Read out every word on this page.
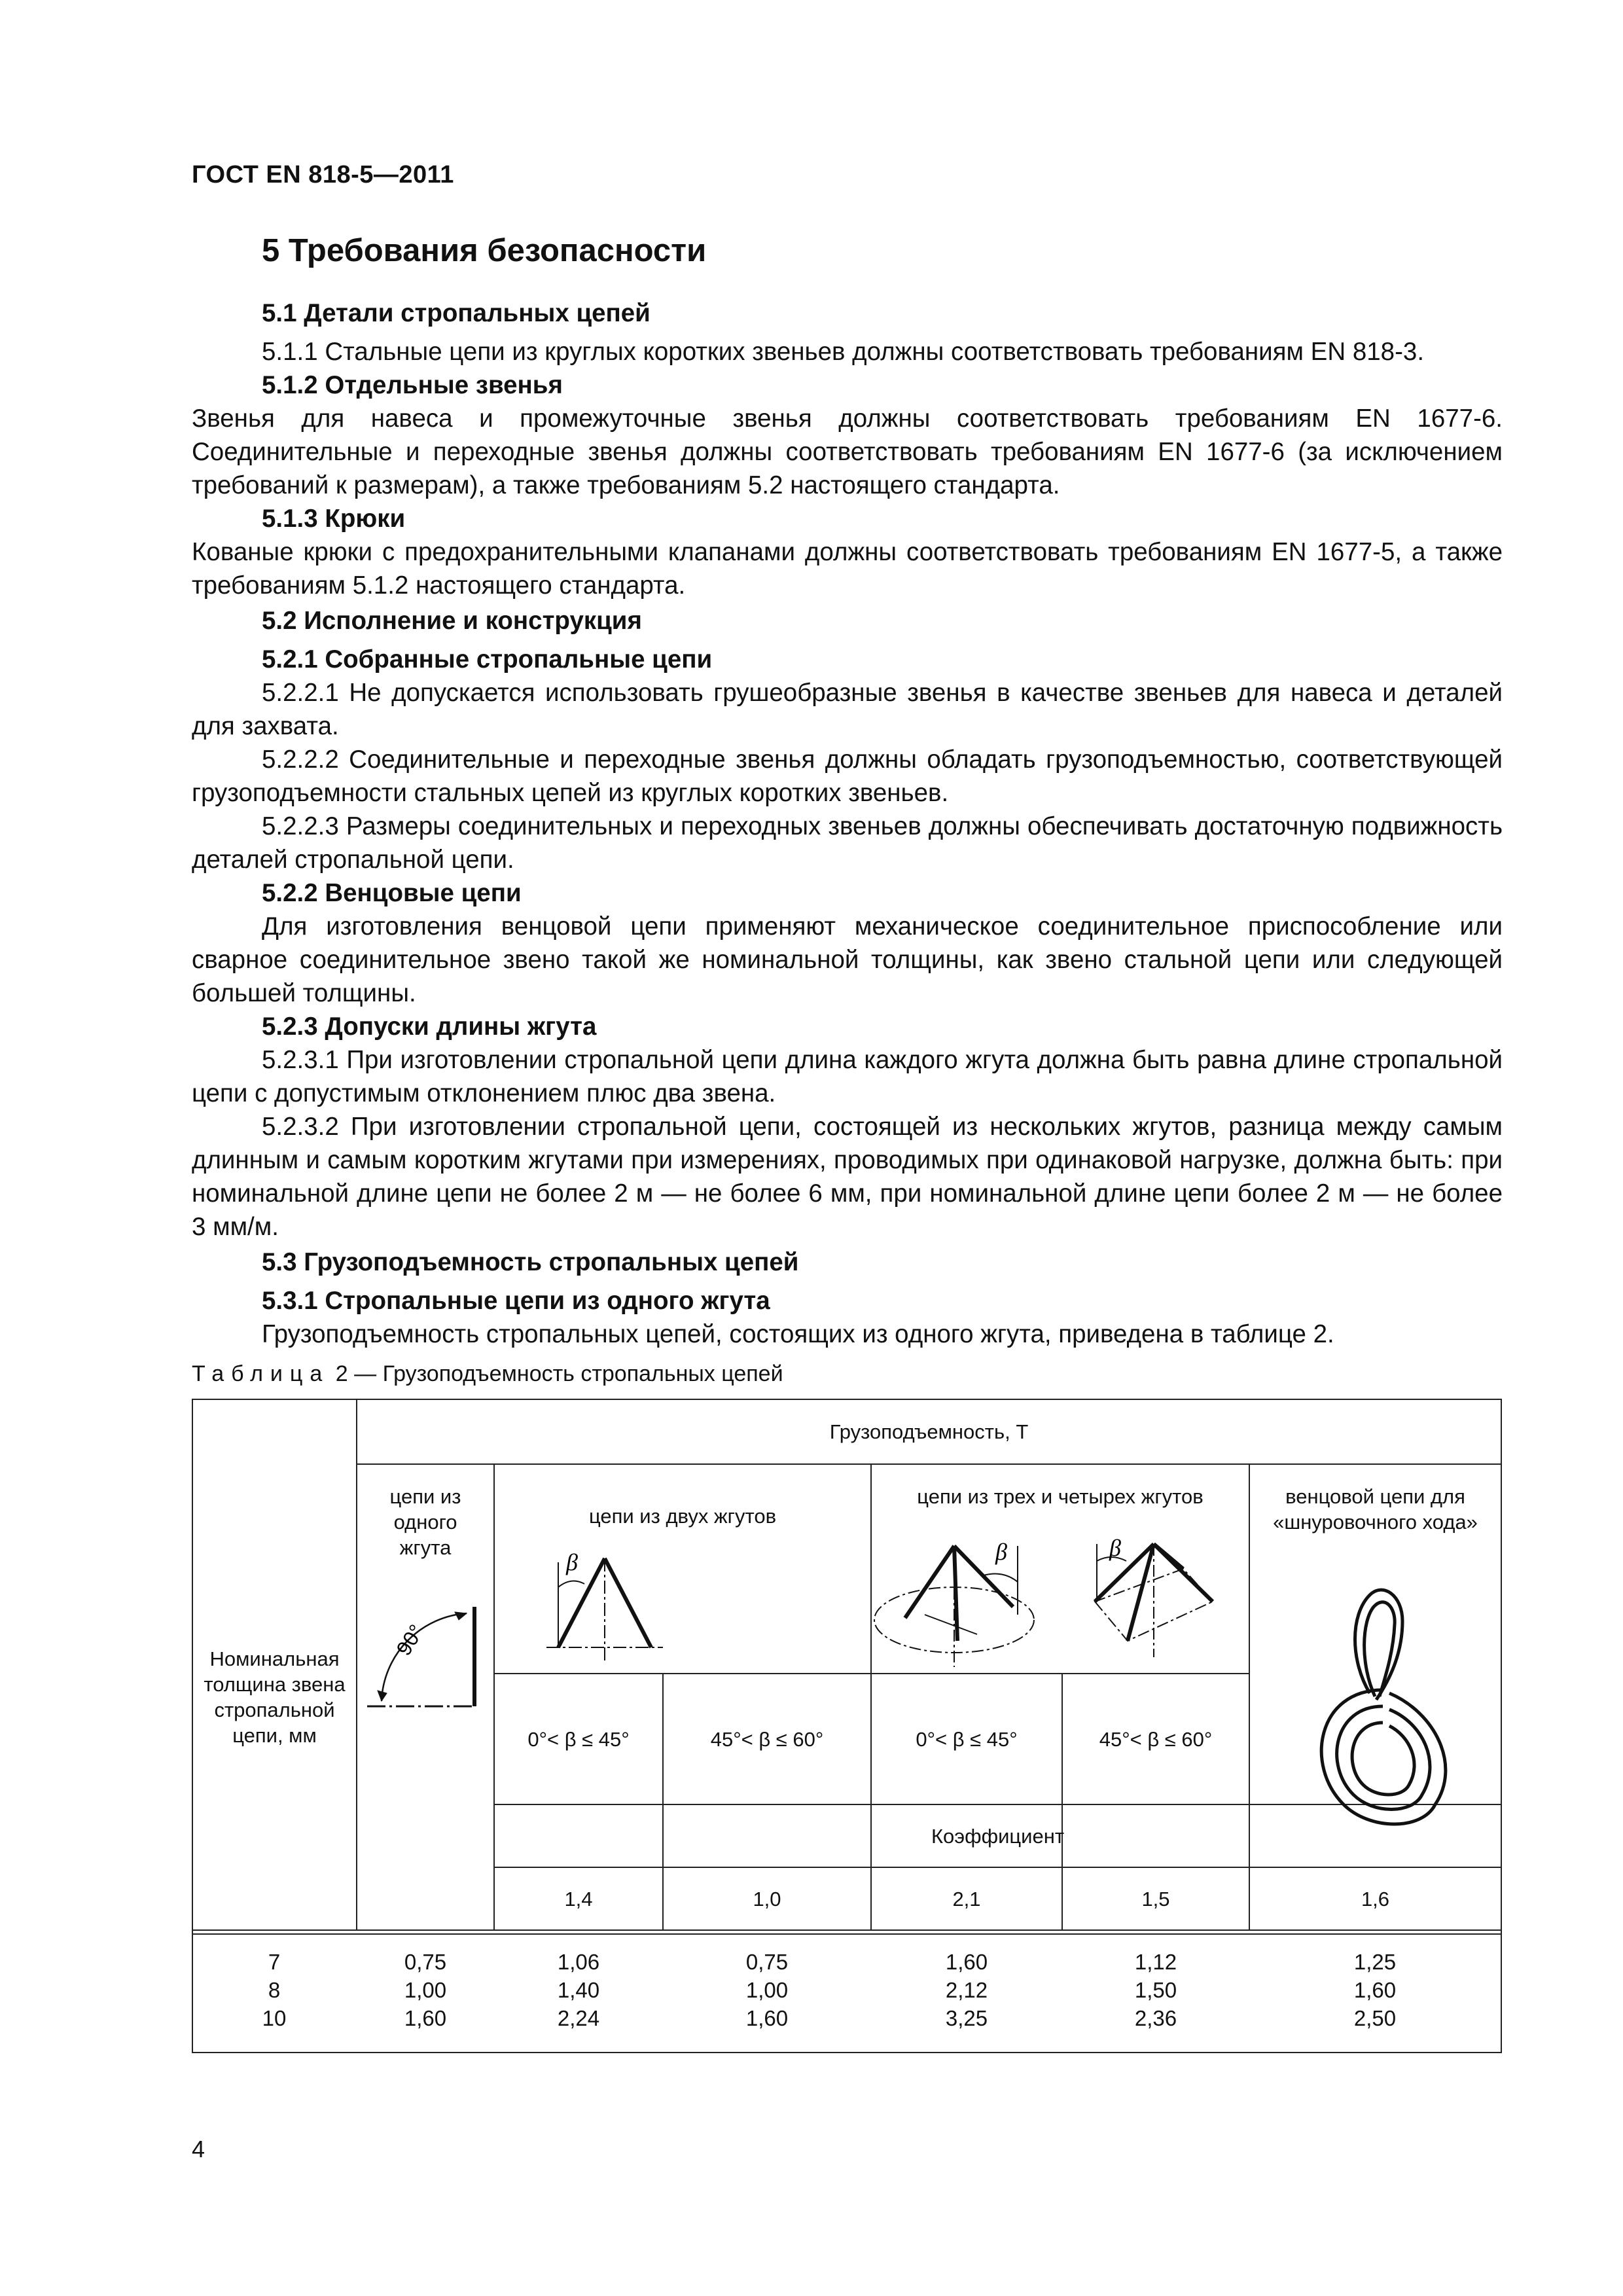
ГОСТ EN 818-5—2011
5 Требования безопасности

5.1 Детали стропальных цепей

5.1.1 Стальные цепи из круглых коротких звеньев должны соответствовать требованиям EN 818-3.

5.1.2 Отдельные звенья

Звенья для навеса и промежуточные звенья должны соответствовать требованиям EN 1677-6. Соединительные и переходные звенья должны соответствовать требованиям EN 1677-6 (за исключением требований к размерам), а также требованиям 5.2 настоящего стандарта.

5.1.3 Крюки

Кованые крюки с предохранительными клапанами должны соответствовать требованиям EN 1677-5, а также требованиям 5.1.2 настоящего стандарта.

5.2 Исполнение и конструкция

5.2.1 Собранные стропальные цепи

5.2.2.1 Не допускается использовать грушеобразные звенья в качестве звеньев для навеса и деталей для захвата.

5.2.2.2 Соединительные и переходные звенья должны обладать грузоподъемностью, соответствующей грузоподъемности стальных цепей из круглых коротких звеньев.

5.2.2.3 Размеры соединительных и переходных звеньев должны обеспечивать достаточную подвижность деталей стропальной цепи.

5.2.2 Венцовые цепи

Для изготовления венцовой цепи применяют механическое соединительное приспособление или сварное соединительное звено такой же номинальной толщины, как звено стальной цепи или следующей большей толщины.

5.2.3 Допуски длины жгута

5.2.3.1 При изготовлении стропальной цепи длина каждого жгута должна быть равна длине стропальной цепи с допустимым отклонением плюс два звена.

5.2.3.2 При изготовлении стропальной цепи, состоящей из нескольких жгутов, разница между самым длинным и самым коротким жгутами при измерениях, проводимых при одинаковой нагрузке, должна быть: при номинальной длине цепи не более 2 м — не более 6 мм, при номинальной длине цепи более 2 м — не более 3 мм/м.

5.3 Грузоподъемность стропальных цепей

5.3.1 Стропальные цепи из одного жгута

Грузоподъемность стропальных цепей, состоящих из одного жгута, приведена в таблице 2.

Таблица 2 — Грузоподъемность стропальных цепей
90°
β	β	β
Грузоподъемность, Т
Номинальная толщина звена стропальной цепи, мм
цепи из одного жгута
цепи из двух жгутов
цепи из трех и четырех жгутов	венцовой цепи для «шнуровочного хода»
0°< β ≤ 45°	45°< β ≤ 60°	0°< β ≤ 45°	45°< β ≤ 60°
Коэффициент
1,4	1,0	2,1	1,5	1,6
7	0,75	1,06	0,75	1,60	1,12	1,25
8	1,00	1,40	1,00	2,12	1,50	1,60
10	1,60	2,24	1,60	3,25	2,36	2,50
4
